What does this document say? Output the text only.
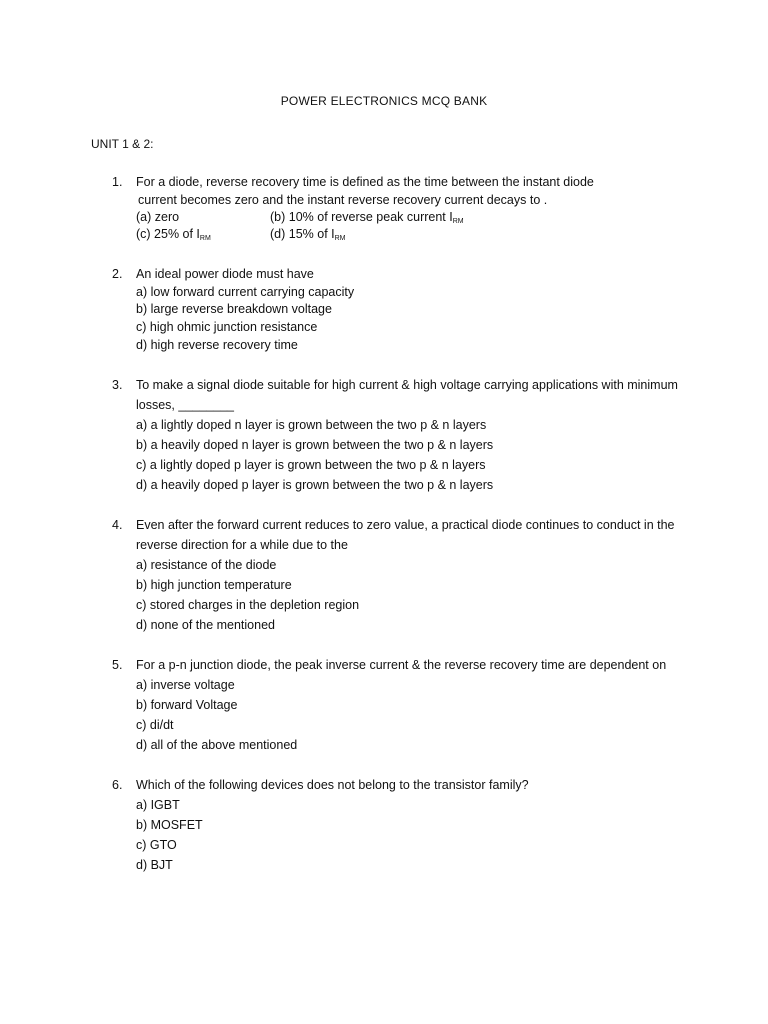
POWER ELECTRONICS MCQ BANK
UNIT 1 & 2:
1. For a diode, reverse recovery time is defined as the time between the instant diode
current becomes zero and the instant reverse recovery current decays to .
(a) zero	(b) 10% of reverse peak current $I_{RM}$
(c) 25% of $I_{RM}$	(d) 15% of $I_{RM}$
2. An ideal power diode must have
a) low forward current carrying capacity
b) large reverse breakdown voltage
c) high ohmic junction resistance
d) high reverse recovery time
3. To make a signal diode suitable for high current & high voltage carrying applications with minimum
losses, ________
a) a lightly doped n layer is grown between the two p & n layers
b) a heavily doped n layer is grown between the two p & n layers
c) a lightly doped p layer is grown between the two p & n layers
d) a heavily doped p layer is grown between the two p & n layers
4. Even after the forward current reduces to zero value, a practical diode continues to conduct in the
reverse direction for a while due to the
a) resistance of the diode
b) high junction temperature
c) stored charges in the depletion region
d) none of the mentioned
5. For a p-n junction diode, the peak inverse current & the reverse recovery time are dependent on
a) inverse voltage
b) forward Voltage
c) di/dt
d) all of the above mentioned
6. Which of the following devices does not belong to the transistor family?
a) IGBT
b) MOSFET
c) GTO
d) BJT
